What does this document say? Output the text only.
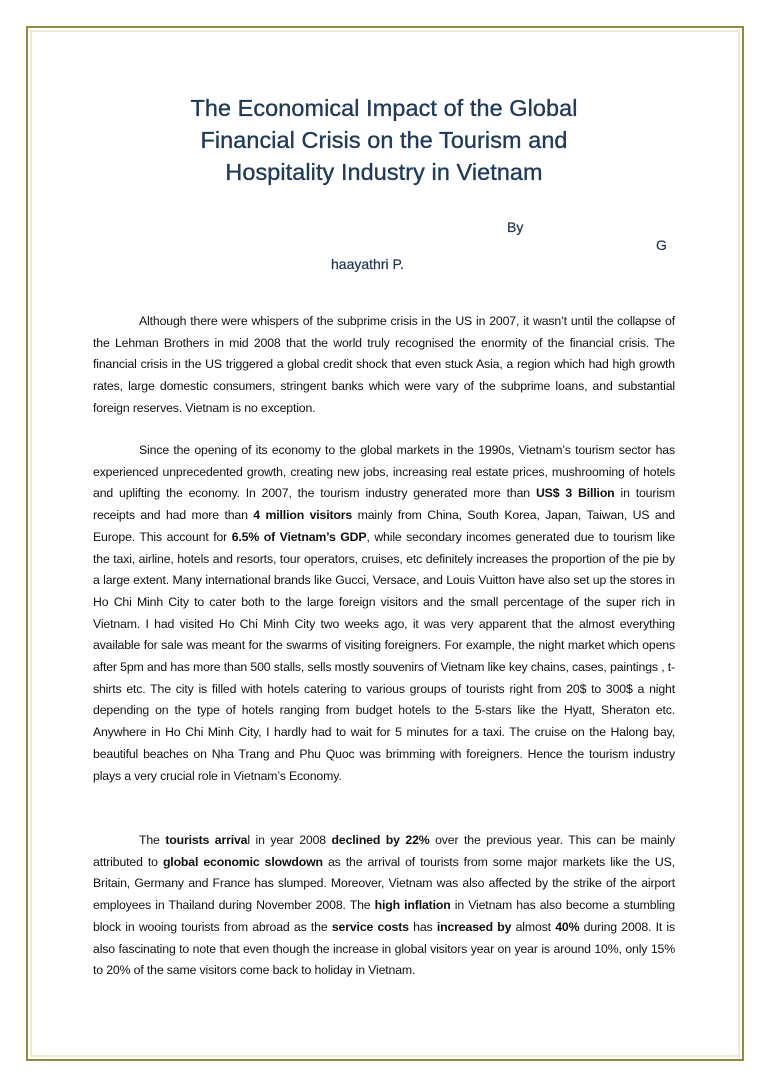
The Economical Impact of the Global
Financial Crisis on the Tourism and
Hospitality Industry in Vietnam
By
G
haayathri P.

Although there were whispers of the subprime crisis in the US in 2007, it wasn’t until the collapse of the Lehman Brothers in mid 2008 that the world truly recognised the enormity of the financial crisis. The financial crisis in the US triggered a global credit shock that even stuck Asia, a region which had high growth rates, large domestic consumers, stringent banks which were vary of the subprime loans, and substantial foreign reserves. Vietnam is no exception.

Since the opening of its economy to the global markets in the 1990s, Vietnam’s tourism sector has experienced unprecedented growth, creating new jobs, increasing real estate prices, mushrooming of hotels and uplifting the economy. In 2007, the tourism industry generated more than US$ 3 Billion in tourism receipts and had more than 4 million visitors mainly from China, South Korea, Japan, Taiwan, US and Europe. This account for 6.5% of Vietnam’s GDP, while secondary incomes generated due to tourism like the taxi, airline, hotels and resorts, tour operators, cruises, etc definitely increases the proportion of the pie by a large extent. Many international brands like Gucci, Versace, and Louis Vuitton have also set up the stores in Ho Chi Minh City to cater both to the large foreign visitors and the small percentage of the super rich in Vietnam. I had visited Ho Chi Minh City two weeks ago, it was very apparent that the almost everything available for sale was meant for the swarms of visiting foreigners. For example, the night market which opens after 5pm and has more than 500 stalls, sells mostly souvenirs of Vietnam like key chains, cases, paintings , t-shirts etc. The city is filled with hotels catering to various groups of tourists right from 20$ to 300$ a night depending on the type of hotels ranging from budget hotels to the 5-stars like the Hyatt, Sheraton etc. Anywhere in Ho Chi Minh City, I hardly had to wait for 5 minutes for a taxi. The cruise on the Halong bay, beautiful beaches on Nha Trang and Phu Quoc was brimming with foreigners. Hence the tourism industry plays a very crucial role in Vietnam’s Economy.

The tourists arrival in year 2008 declined by 22% over the previous year. This can be mainly attributed to global economic slowdown as the arrival of tourists from some major markets like the US, Britain, Germany and France has slumped. Moreover, Vietnam was also affected by the strike of the airport employees in Thailand during November 2008. The high inflation in Vietnam has also become a stumbling block in wooing tourists from abroad as the service costs has increased by almost 40% during 2008. It is also fascinating to note that even though the increase in global visitors year on year is around 10%, only 15% to 20% of the same visitors come back to holiday in Vietnam.
